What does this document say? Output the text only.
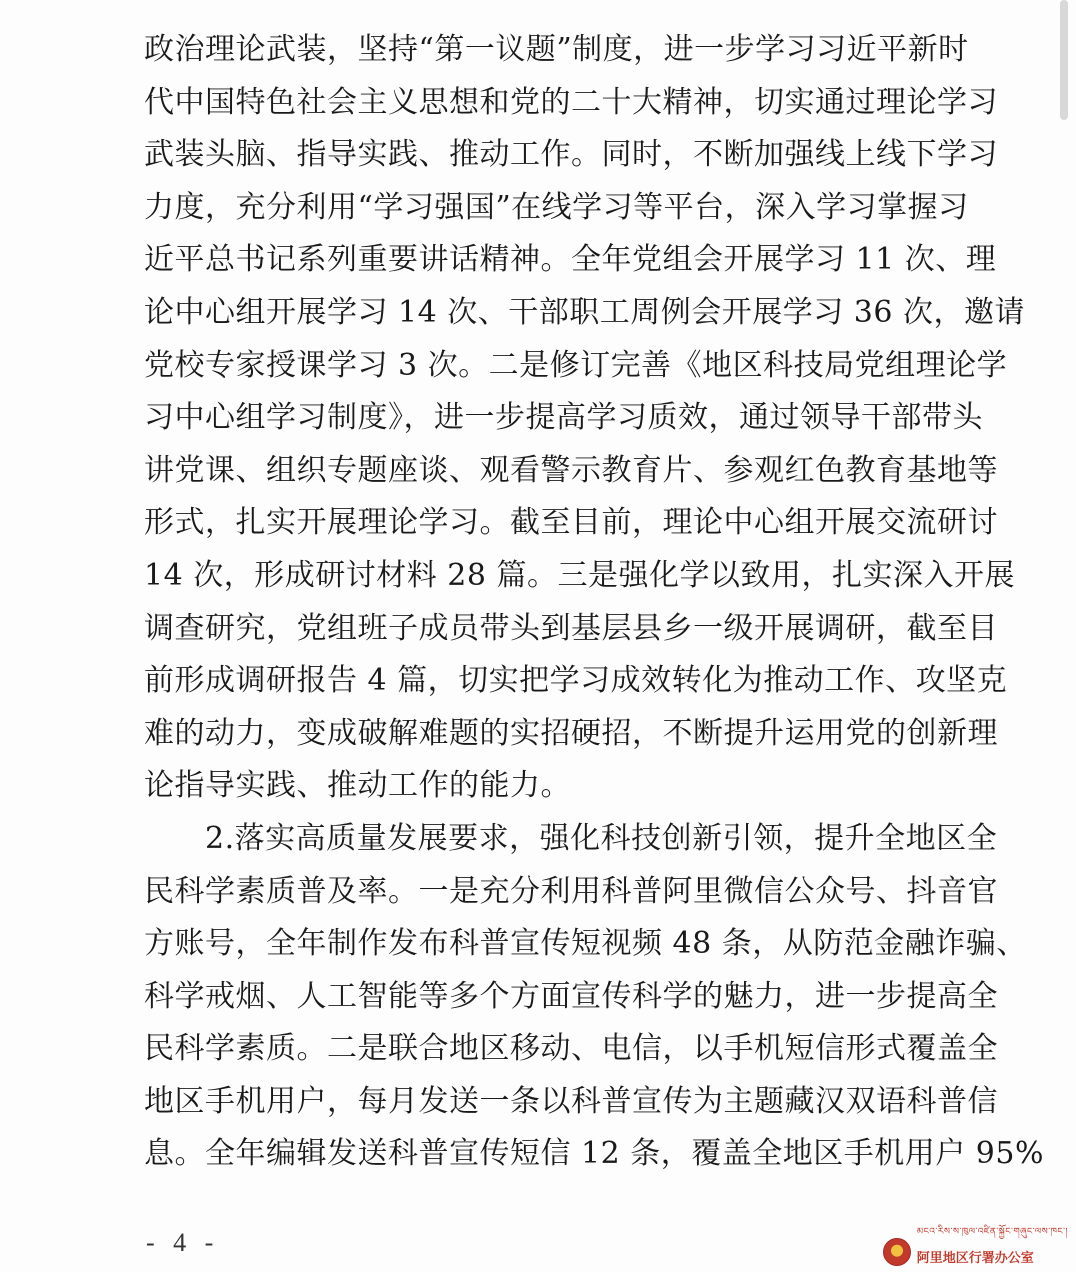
政治理论武装，坚持“第一议题”制度，进一步学习习近平新时
代中国特色社会主义思想和党的二十大精神，切实通过理论学习
武装头脑、指导实践、推动工作。同时，不断加强线上线下学习
力度，充分利用“学习强国”在线学习等平台，深入学习掌握习
近平总书记系列重要讲话精神。全年党组会开展学习 11 次、理
论中心组开展学习 14 次、干部职工周例会开展学习 36 次，邀请
党校专家授课学习 3 次。二是修订完善《地区科技局党组理论学
习中心组学习制度》，进一步提高学习质效，通过领导干部带头
讲党课、组织专题座谈、观看警示教育片、参观红色教育基地等
形式，扎实开展理论学习。截至目前，理论中心组开展交流研讨
14 次，形成研讨材料 28 篇。三是强化学以致用，扎实深入开展
调查研究，党组班子成员带头到基层县乡一级开展调研，截至目
前形成调研报告 4 篇，切实把学习成效转化为推动工作、攻坚克
难的动力，变成破解难题的实招硬招，不断提升运用党的创新理
论指导实践、推动工作的能力。
　　2.落实高质量发展要求，强化科技创新引领，提升全地区全
民科学素质普及率。一是充分利用科普阿里微信公众号、抖音官
方账号，全年制作发布科普宣传短视频 48 条，从防范金融诈骗、
科学戒烟、人工智能等多个方面宣传科学的魅力，进一步提高全
民科学素质。二是联合地区移动、电信，以手机短信形式覆盖全
地区手机用户，每月发送一条以科普宣传为主题藏汉双语科普信
息。全年编辑发送科普宣传短信 12 条，覆盖全地区手机用户 95%
- 4 -	མངའ་རིས་ས་ཁུལ་འཛིན་སྐྱོང་གཞུང་ལས་ཁང་།
阿里地区行署办公室
